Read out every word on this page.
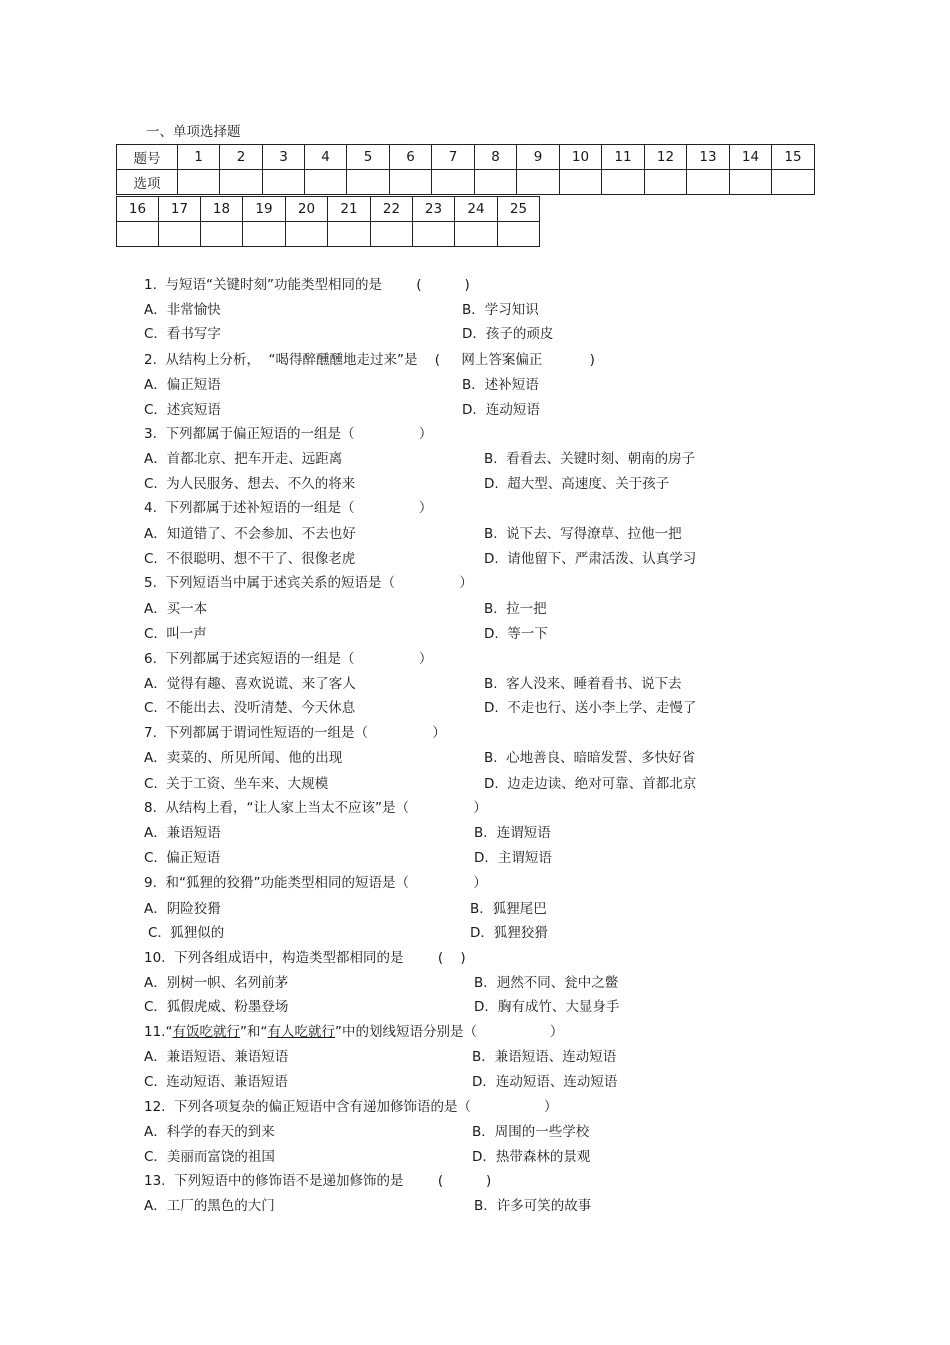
一、单项选择题
题号	1	2	3	4	5	6	7	8	9	10	11	12	13	14	15
选项															
16	17	18	19	20	21	22	23	24	25

1.  与短语“关键时刻”功能类型相同的是        (          )
A．非常愉快	B．学习知识
C．看书写字	D．孩子的顽皮
2.  从结构上分析，  “喝得醉醺醺地走过来”是    (     网上答案偏正           )
A．偏正短语	B．述补短语
C．述宾短语	D．连动短语
3.  下列都属于偏正短语的一组是（               ）
A．首都北京、把车开走、远距离	B.  看看去、关键时刻、朝南的房子
C.  为人民服务、想去、不久的将来	D.  超大型、高速度、关于孩子
4.  下列都属于述补短语的一组是（               ）
A．知道错了、不会参加、不去也好	B.  说下去、写得潦草、拉他一把
C.  不很聪明、想不干了、很像老虎	D.  请他留下、严肃活泼、认真学习
5.  下列短语当中属于述宾关系的短语是（               ）
A．买一本	B.  拉一把
C.  叫一声	D.  等一下
6.  下列都属于述宾短语的一组是（               ）
A．觉得有趣、喜欢说谎、来了客人	B.  客人没来、睡着看书、说下去
C.  不能出去、没听清楚、今天休息	D.  不走也行、送小李上学、走慢了
7.  下列都属于谓词性短语的一组是（               ）
A．卖菜的、所见所闻、他的出现	B.  心地善良、暗暗发誓、多快好省
C.  关于工资、坐车来、大规模	D.  边走边读、绝对可靠、首都北京
8.  从结构上看，“让人家上当太不应该”是（               ）
A．兼语短语	B．连谓短语
C.  偏正短语	D．主谓短语
9.  和“狐狸的狡猾”功能类型相同的短语是（               ）
A．阴险狡猾	B．狐狸尾巴
C.  狐狸似的	D．狐狸狡猾
10.  下列各组成语中，构造类型都相同的是        (    )
A．别树一帜、名列前茅	B．迥然不同、瓮中之鳖
C．狐假虎威、粉墨登场	D．胸有成竹、大显身手
11.“有饭吃就行”和“有人吃就行”中的划线短语分别是（                 ）
A．兼语短语、兼语短语	B．兼语短语、连动短语
C.  连动短语、兼语短语	D．连动短语、连动短语
12.  下列各项复杂的偏正短语中含有递加修饰语的是（                 ）
A．科学的春天的到来	B．周围的一些学校
C．美丽而富饶的祖国	D．热带森林的景观
13.  下列短语中的修饰语不是递加修饰的是        (          )
A．工厂的黑色的大门	B．许多可笑的故事
